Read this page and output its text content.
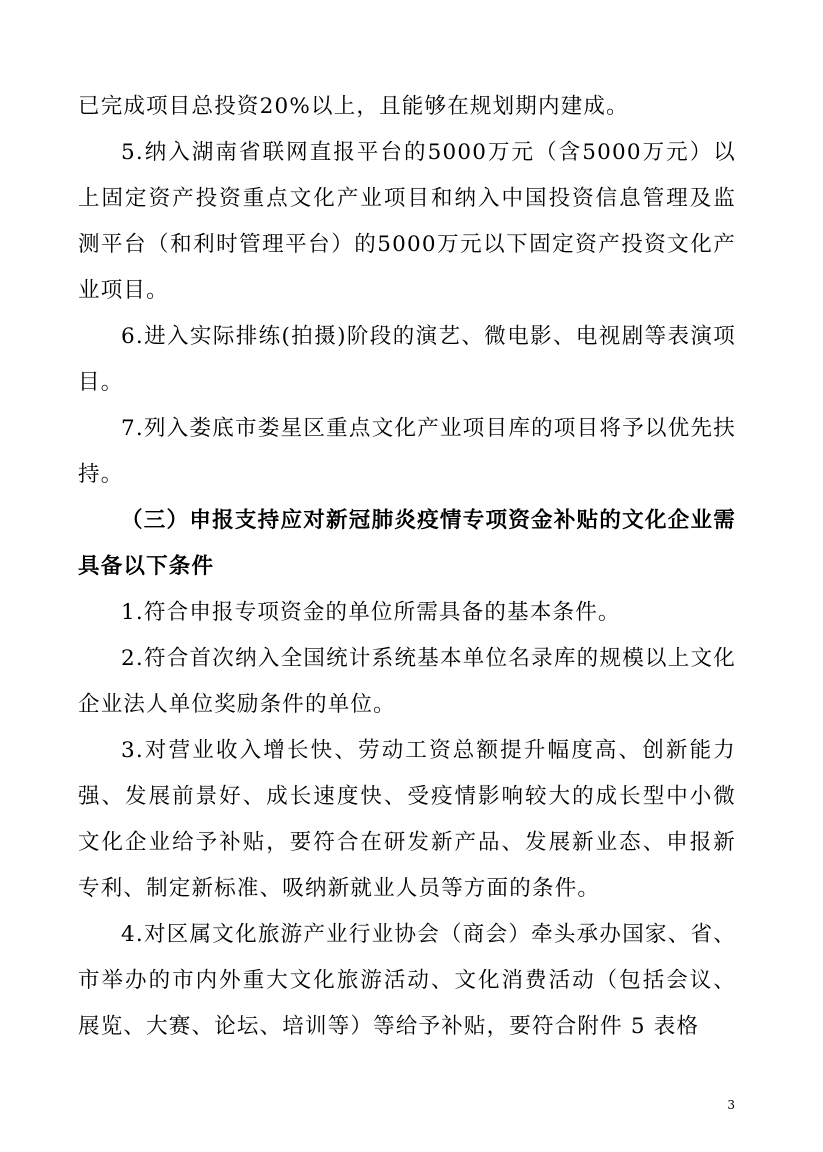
已完成项目总投资20%以上，且能够在规划期内建成。

5.纳入湖南省联网直报平台的5000万元（含5000万元）以上固定资产投资重点文化产业项目和纳入中国投资信息管理及监测平台（和利时管理平台）的5000万元以下固定资产投资文化产业项目。

6.进入实际排练(拍摄)阶段的演艺、微电影、电视剧等表演项目。

7.列入娄底市娄星区重点文化产业项目库的项目将予以优先扶持。

（三）申报支持应对新冠肺炎疫情专项资金补贴的文化企业需具备以下条件

1.符合申报专项资金的单位所需具备的基本条件。

2.符合首次纳入全国统计系统基本单位名录库的规模以上文化企业法人单位奖励条件的单位。

3.对营业收入增长快、劳动工资总额提升幅度高、创新能力强、发展前景好、成长速度快、受疫情影响较大的成长型中小微文化企业给予补贴，要符合在研发新产品、发展新业态、申报新专利、制定新标准、吸纳新就业人员等方面的条件。

4.对区属文化旅游产业行业协会（商会）牵头承办国家、省、市举办的市内外重大文化旅游活动、文化消费活动（包括会议、展览、大赛、论坛、培训等）等给予补贴，要符合附件 5 表格

3
